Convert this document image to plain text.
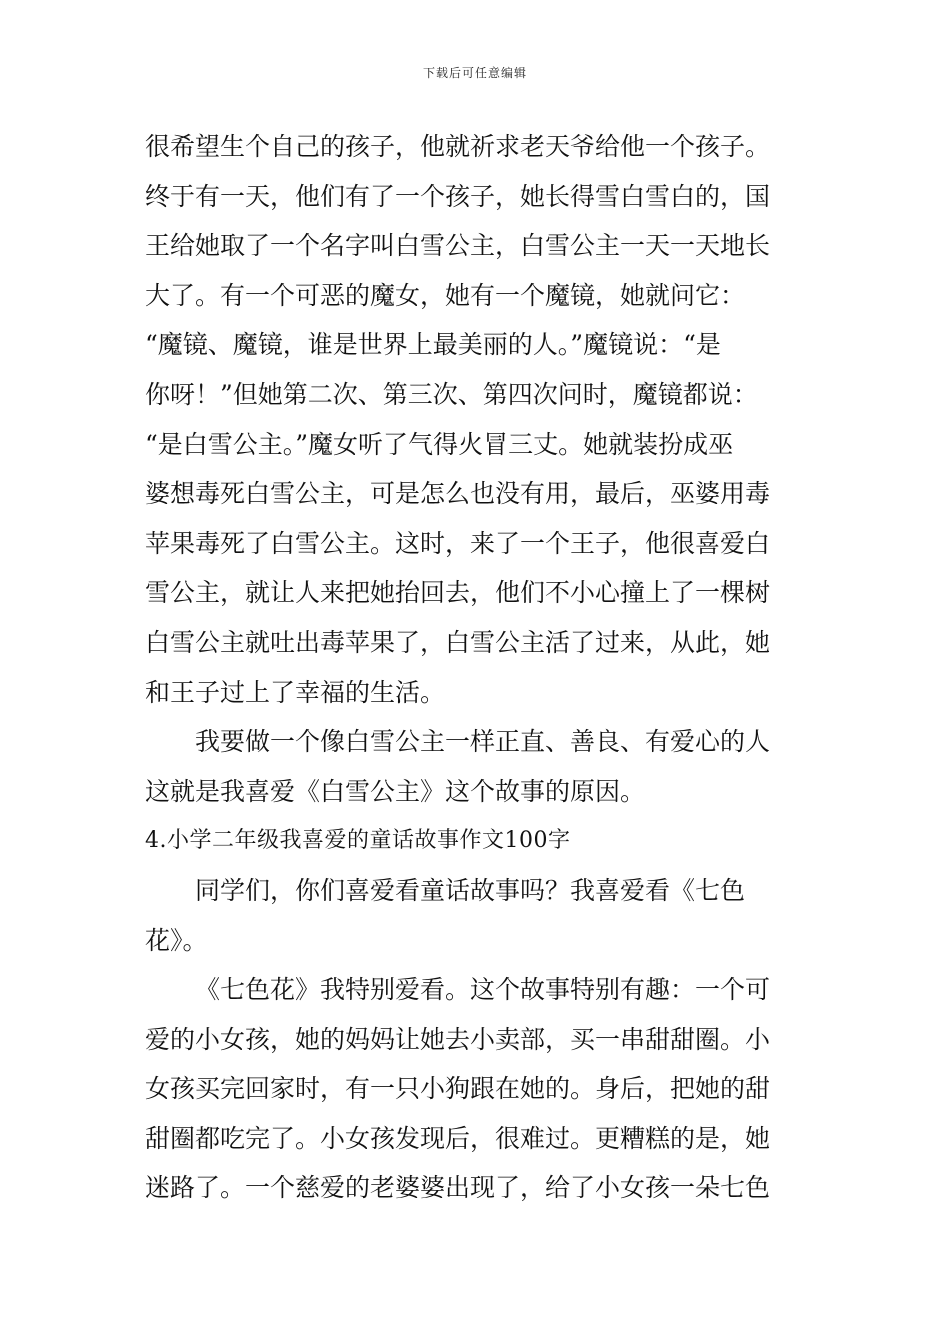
下载后可任意编辑
很希望生个自己的孩子，他就祈求老天爷给他一个孩子。
终于有一天，他们有了一个孩子，她长得雪白雪白的，国
王给她取了一个名字叫白雪公主，白雪公主一天一天地长
大了。有一个可恶的魔女，她有一个魔镜，她就问它：
“魔镜、魔镜，谁是世界上最美丽的人。”魔镜说：“是
你呀！”但她第二次、第三次、第四次问时，魔镜都说：
“是白雪公主。”魔女听了气得火冒三丈。她就装扮成巫
婆想毒死白雪公主，可是怎么也没有用，最后，巫婆用毒
苹果毒死了白雪公主。这时，来了一个王子，他很喜爱白
雪公主，就让人来把她抬回去，他们不小心撞上了一棵树
白雪公主就吐出毒苹果了，白雪公主活了过来，从此，她
和王子过上了幸福的生活。
我要做一个像白雪公主一样正直、善良、有爱心的人
这就是我喜爱《白雪公主》这个故事的原因。
4.小学二年级我喜爱的童话故事作文100字
同学们，你们喜爱看童话故事吗？我喜爱看《七色
花》。
《七色花》我特别爱看。这个故事特别有趣：一个可
爱的小女孩，她的妈妈让她去小卖部，买一串甜甜圈。小
女孩买完回家时，有一只小狗跟在她的。身后，把她的甜
甜圈都吃完了。小女孩发现后，很难过。更糟糕的是，她
迷路了。一个慈爱的老婆婆出现了，给了小女孩一朵七色
